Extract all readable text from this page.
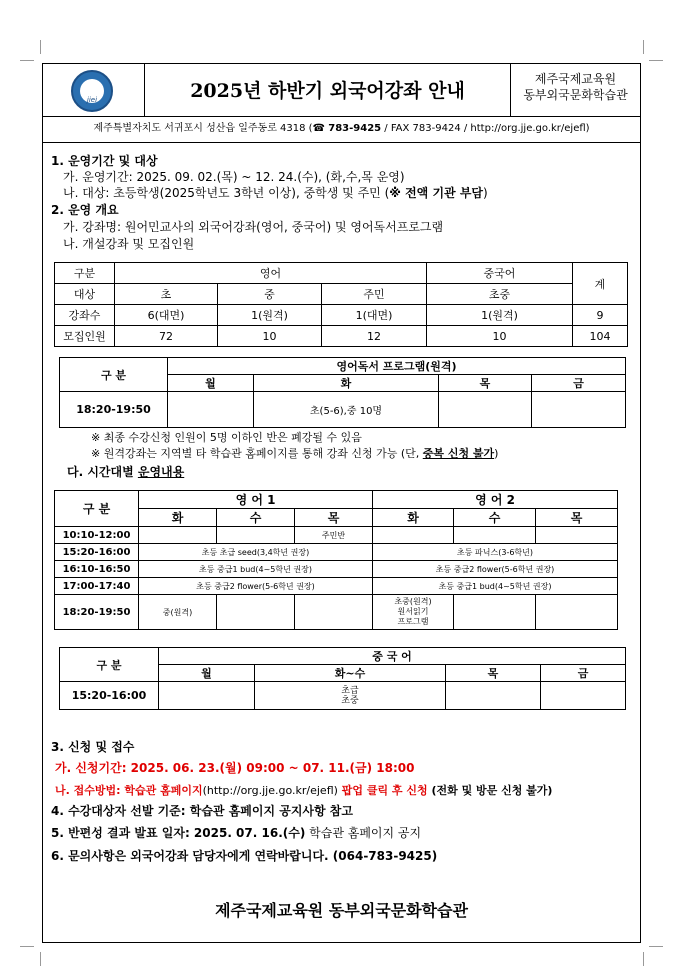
jiei	2025년 하반기 외국어강좌 안내
제주국제교육원
동부외국문화학습관
제주특별자치도 서귀포시 성산읍 일주동로 4318 (☎ 783-9425 / FAX 783-9424 / http://org.jje.go.kr/ejefl)
1. 운영기간 및 대상
가. 운영기간: 2025. 09. 02.(목) ~ 12. 24.(수), (화,수,목 운영)
나. 대상: 초등학생(2025학년도 3학년 이상), 중학생 및 주민 (※ 전액 기관 부담)
2. 운영 개요
가. 강좌명: 원어민교사의 외국어강좌(영어, 중국어) 및 영어독서프로그램
나. 개설강좌 및 모집인원
구분	영어			중국어	계
대상	초	중	주민	초중	
강좌수	6(대면)	1(원격)	1(대면)	1(원격)	9
모집인원	72	10	12	10	104
구 분	영어독서 프로그램(원격)			
	월	화	목	금
18:20-19:50		초(5-6),중 10명		
※ 최종 수강신청 인원이 5명 이하인 반은 폐강될 수 있음
※ 원격강좌는 지역별 타 학습관 홈페이지를 통해 강좌 신청 가능 (단, 중복 신청 불가)
다. 시간대별 운영내용
구 분	영 어 1			영 어 2		
	화	수	목	화	수	목
10:10-12:00			주민반			
15:20-16:00	초등 초급 seed(3,4학년 권장)			초등 파닉스(3-6학년)		
16:10-16:50	초등 중급1 bud(4~5학년 권장)			초등 중급2 flower(5-6학년 권장)		
17:00-17:40	초등 중급2 flower(5-6학년 권장)			초등 중급1 bud(4~5학년 권장)		
18:20-19:50	중(원격)			초중(원격)
원서읽기
프로그램		

구 분	중 국 어			
	월	화~수	목	금
15:20-16:00		초급
초중		

3. 신청 및 접수
가. 신청기간: 2025. 06. 23.(월) 09:00 ~ 07. 11.(금) 18:00
나. 접수방법: 학습관 홈페이지(http://org.jje.go.kr/ejefl) 팝업 클릭 후 신청 (전화 및 방문 신청 불가)
4. 수강대상자 선발 기준: 학습관 홈페이지 공지사항 참고
5. 반편성 결과 발표 일자: 2025. 07. 16.(수) 학습관 홈페이지 공지
6. 문의사항은 외국어강좌 담당자에게 연락바랍니다. (064-783-9425)
제주국제교육원 동부외국문화학습관
